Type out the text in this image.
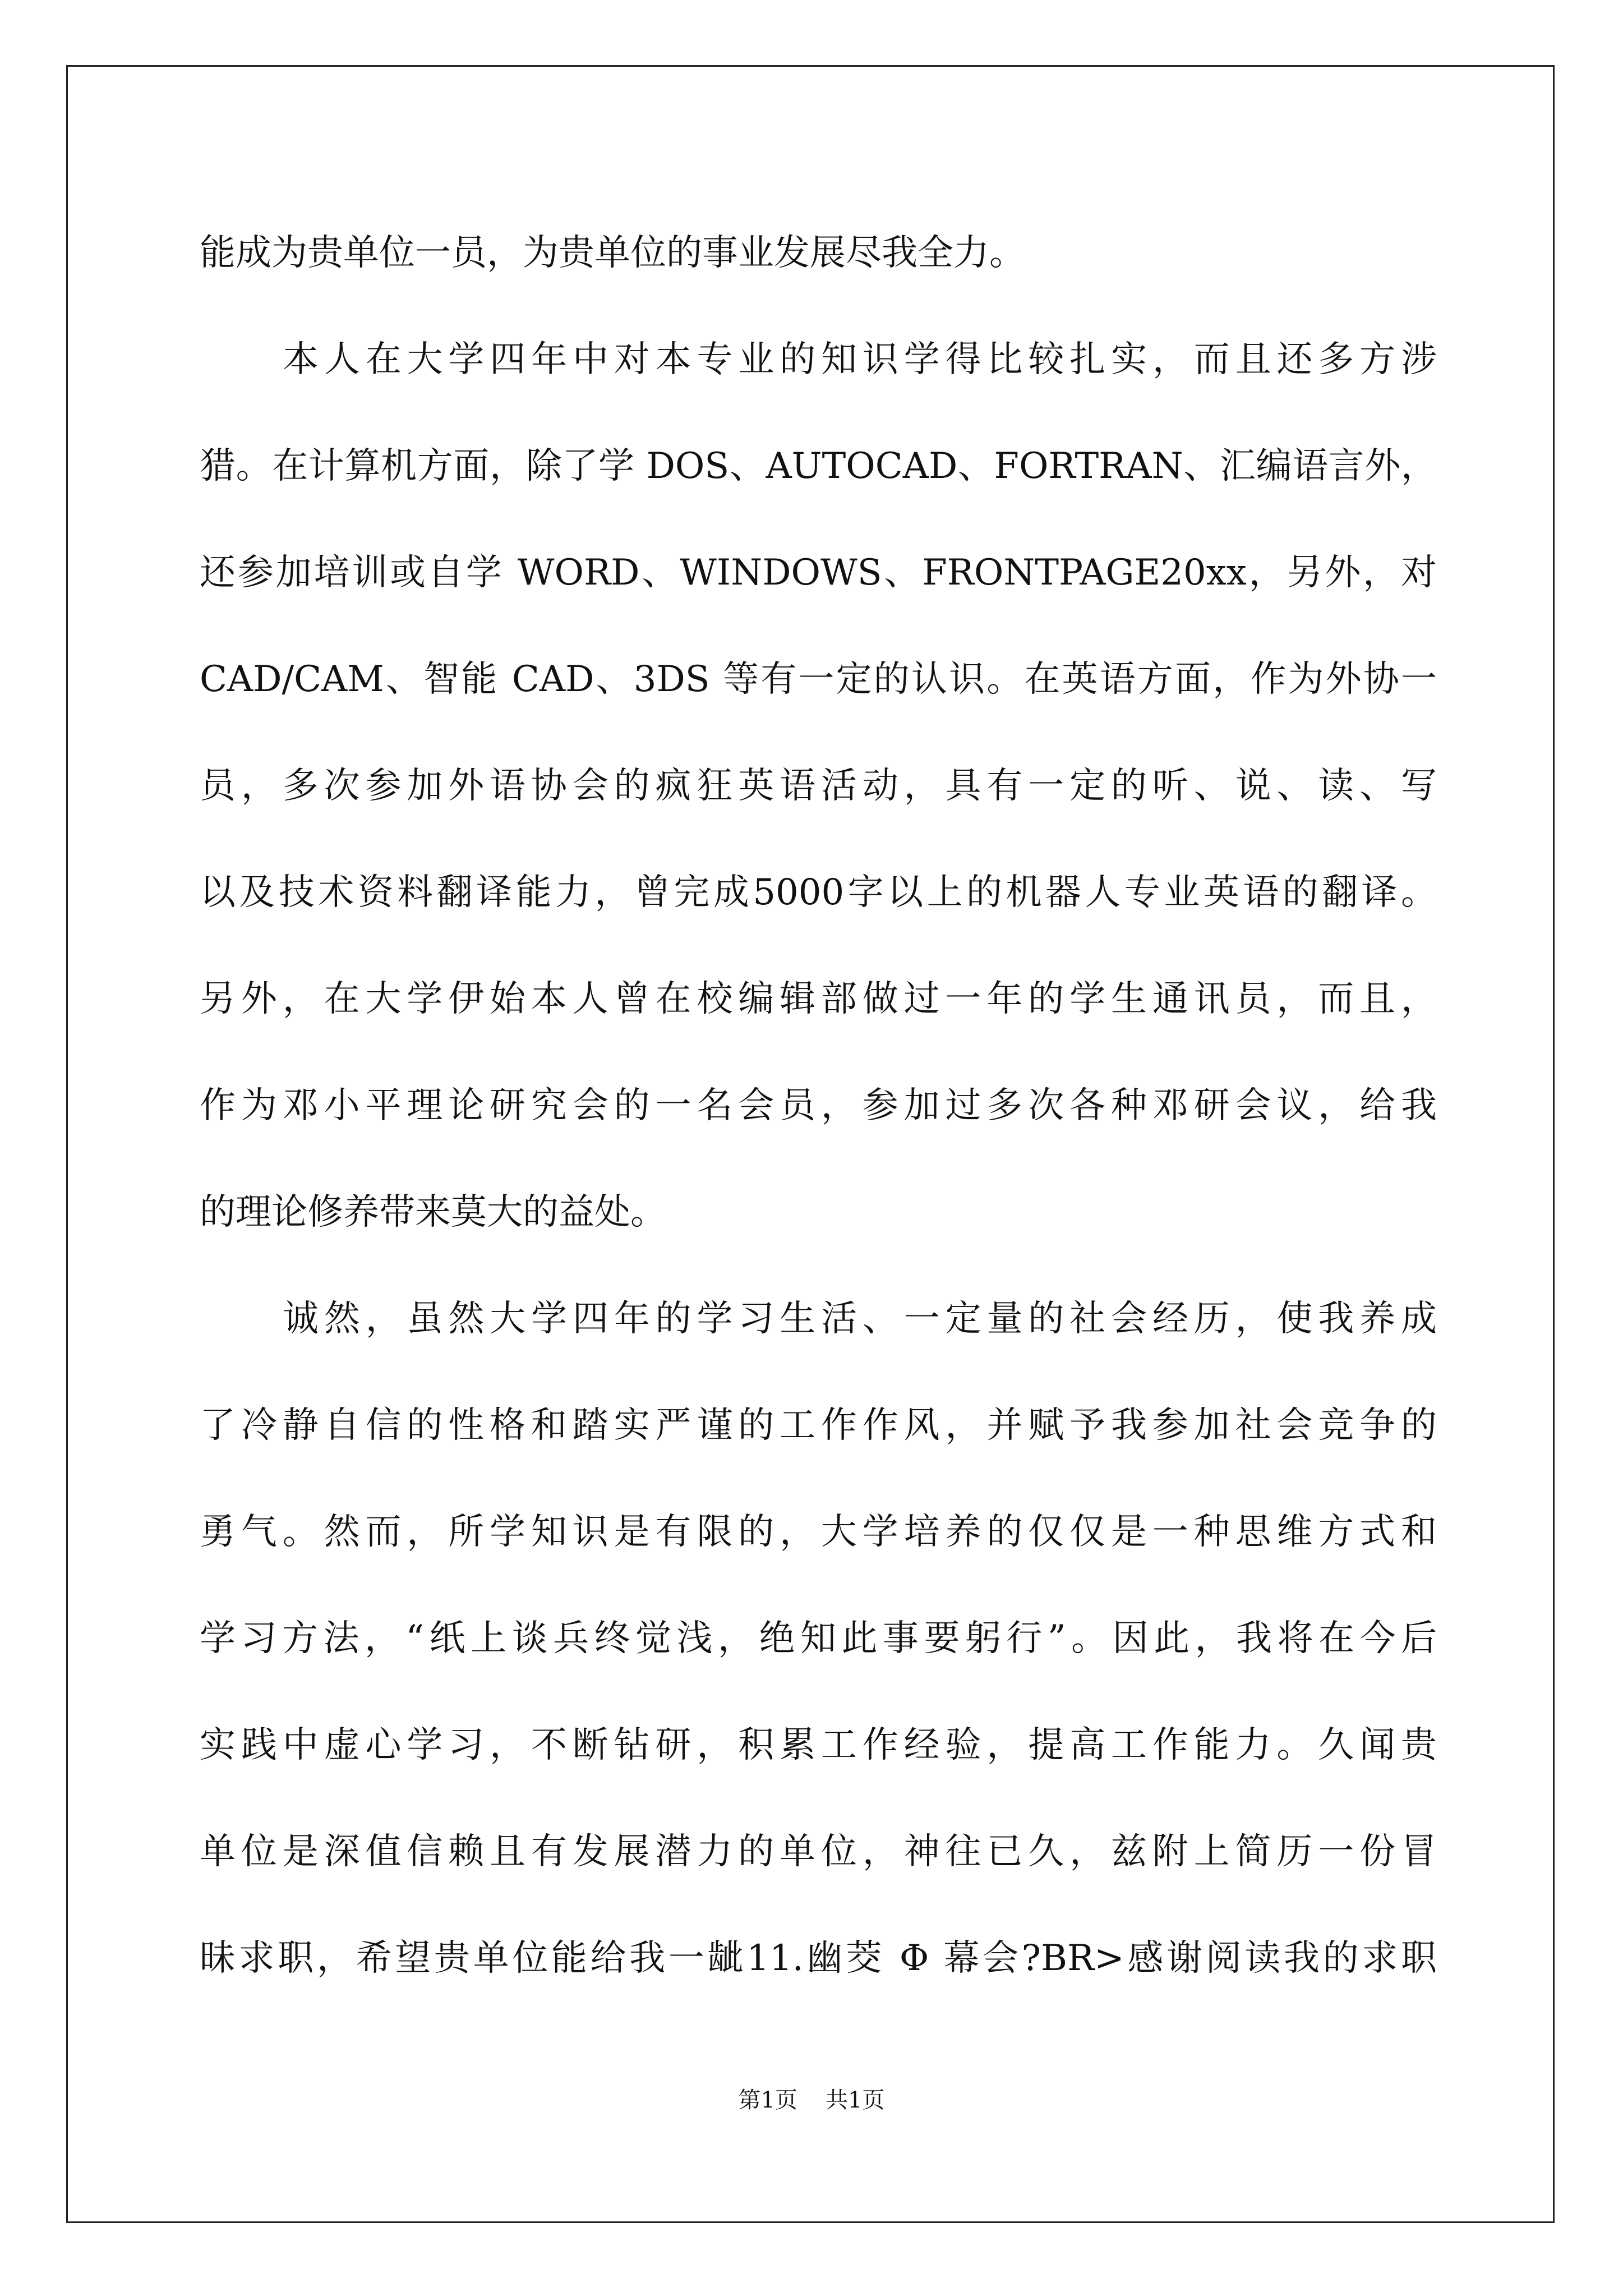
能成为贵单位一员，为贵单位的事业发展尽我全力。
本人在大学四年中对本专业的知识学得比较扎实，而且还多方涉
猎。在计算机方面，除了学 DOS、AUTOCAD、FORTRAN、汇编语言外，
还参加培训或自学 WORD、WINDOWS、FRONTPAGE20xx，另外，对
CAD/CAM、智能 CAD、3DS 等有一定的认识。在英语方面，作为外协一
员，多次参加外语协会的疯狂英语活动，具有一定的听、说、读、写
以及技术资料翻译能力，曾完成5000字以上的机器人专业英语的翻译。
另外，在大学伊始本人曾在校编辑部做过一年的学生通讯员，而且，
作为邓小平理论研究会的一名会员，参加过多次各种邓研会议，给我
的理论修养带来莫大的益处。
诚然，虽然大学四年的学习生活、一定量的社会经历，使我养成
了冷静自信的性格和踏实严谨的工作作风，并赋予我参加社会竞争的
勇气。然而，所学知识是有限的，大学培养的仅仅是一种思维方式和
学习方法，“纸上谈兵终觉浅，绝知此事要躬行”。因此，我将在今后
实践中虚心学习，不断钻研，积累工作经验，提高工作能力。久闻贵
单位是深值信赖且有发展潜力的单位，神往已久，兹附上简历一份冒
昧求职，希望贵单位能给我一龇11.幽茭 Φ 幕会?BR>感谢阅读我的求职
第1页 共1页
